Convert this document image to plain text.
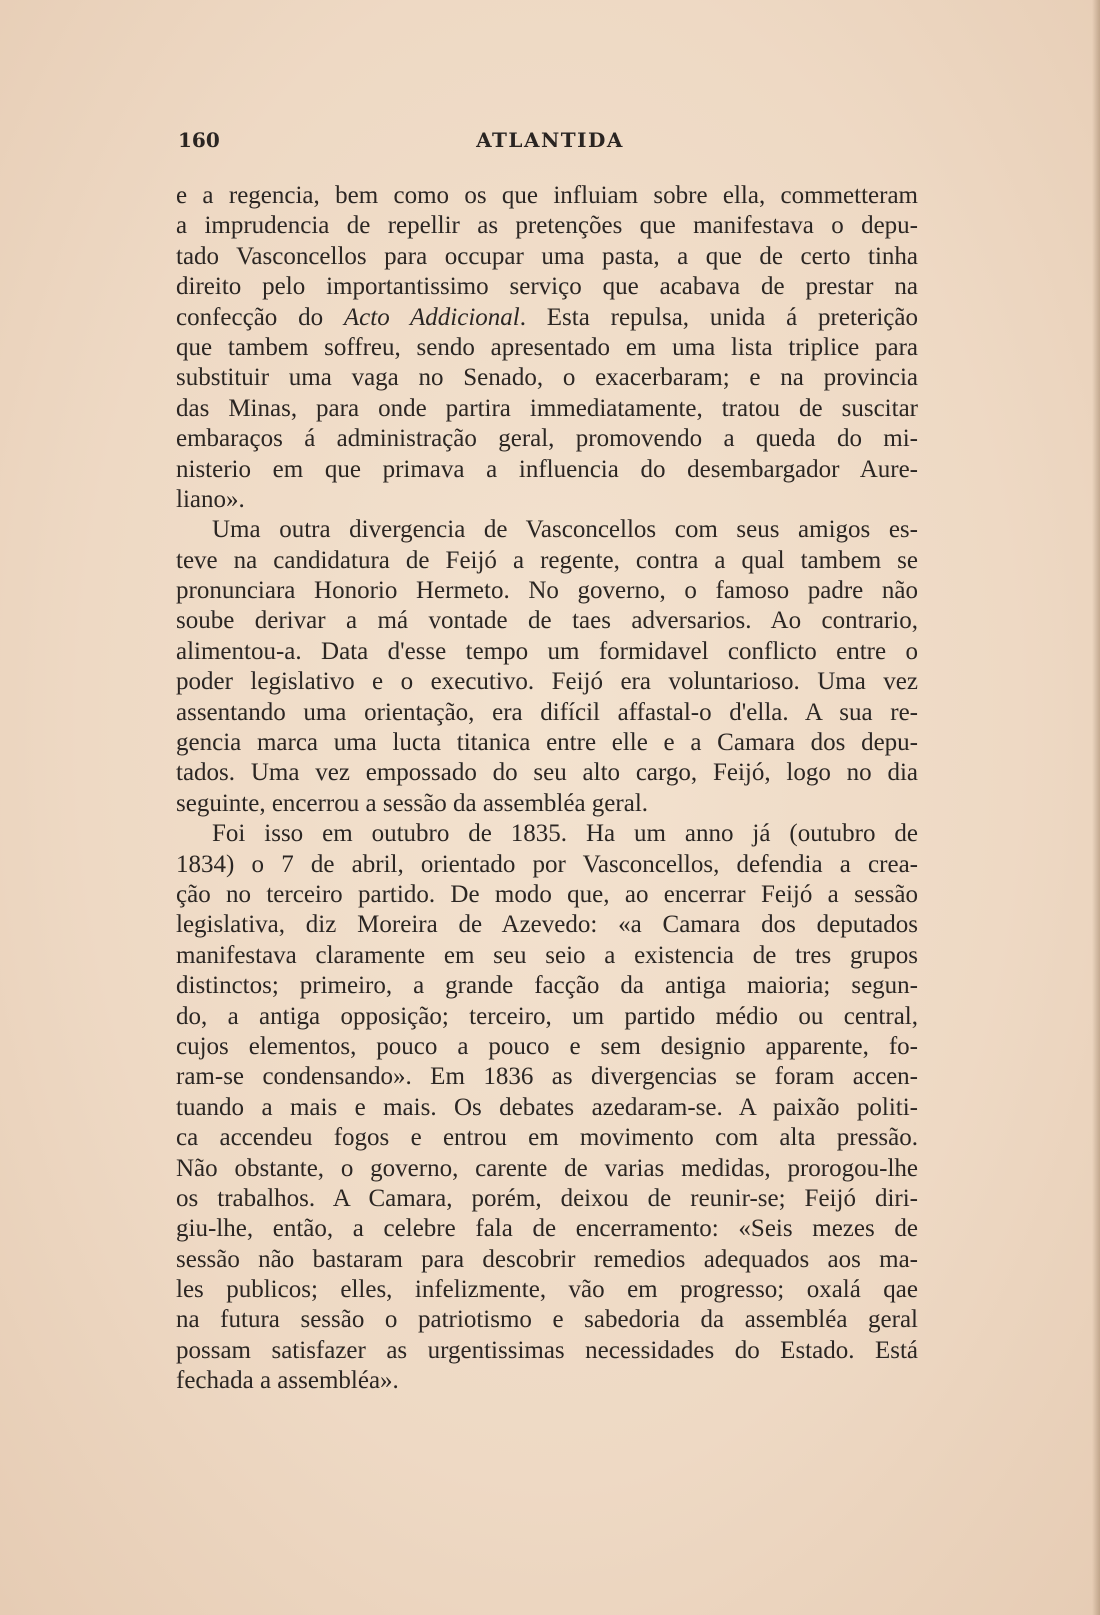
160	ATLANTIDA
e a regencia, bem como os que influiam sobre ella, commetteram
a imprudencia de repellir as pretenções que manifestava o depu-
tado Vasconcellos para occupar uma pasta, a que de certo tinha
direito pelo importantissimo serviço que acabava de prestar na
confecção do Acto Addicional. Esta repulsa, unida á preterição
que tambem soffreu, sendo apresentado em uma lista triplice para
substituir uma vaga no Senado, o exacerbaram; e na provincia
das Minas, para onde partira immediatamente, tratou de suscitar
embaraços á administração geral, promovendo a queda do mi-
nisterio em que primava a influencia do desembargador Aure-
liano».
Uma outra divergencia de Vasconcellos com seus amigos es-
teve na candidatura de Feijó a regente, contra a qual tambem se
pronunciara Honorio Hermeto. No governo, o famoso padre não
soube derivar a má vontade de taes adversarios. Ao contrario,
alimentou-a. Data d'esse tempo um formidavel conflicto entre o
poder legislativo e o executivo. Feijó era voluntarioso. Uma vez
assentando uma orientação, era difícil affastal-o d'ella. A sua re-
gencia marca uma lucta titanica entre elle e a Camara dos depu-
tados. Uma vez empossado do seu alto cargo, Feijó, logo no dia
seguinte, encerrou a sessão da assembléa geral.
Foi isso em outubro de 1835. Ha um anno já (outubro de
1834) o 7 de abril, orientado por Vasconcellos, defendia a crea-
ção no terceiro partido. De modo que, ao encerrar Feijó a sessão
legislativa, diz Moreira de Azevedo: «a Camara dos deputados
manifestava claramente em seu seio a existencia de tres grupos
distinctos; primeiro, a grande facção da antiga maioria; segun-
do, a antiga opposição; terceiro, um partido médio ou central,
cujos elementos, pouco a pouco e sem designio apparente, fo-
ram-se condensando». Em 1836 as divergencias se foram accen-
tuando a mais e mais. Os debates azedaram-se. A paixão politi-
ca accendeu fogos e entrou em movimento com alta pressão.
Não obstante, o governo, carente de varias medidas, prorogou-lhe
os trabalhos. A Camara, porém, deixou de reunir-se; Feijó diri-
giu-lhe, então, a celebre fala de encerramento: «Seis mezes de
sessão não bastaram para descobrir remedios adequados aos ma-
les publicos; elles, infelizmente, vão em progresso; oxalá qae
na futura sessão o patriotismo e sabedoria da assembléa geral
possam satisfazer as urgentissimas necessidades do Estado. Está
fechada a assembléa».
